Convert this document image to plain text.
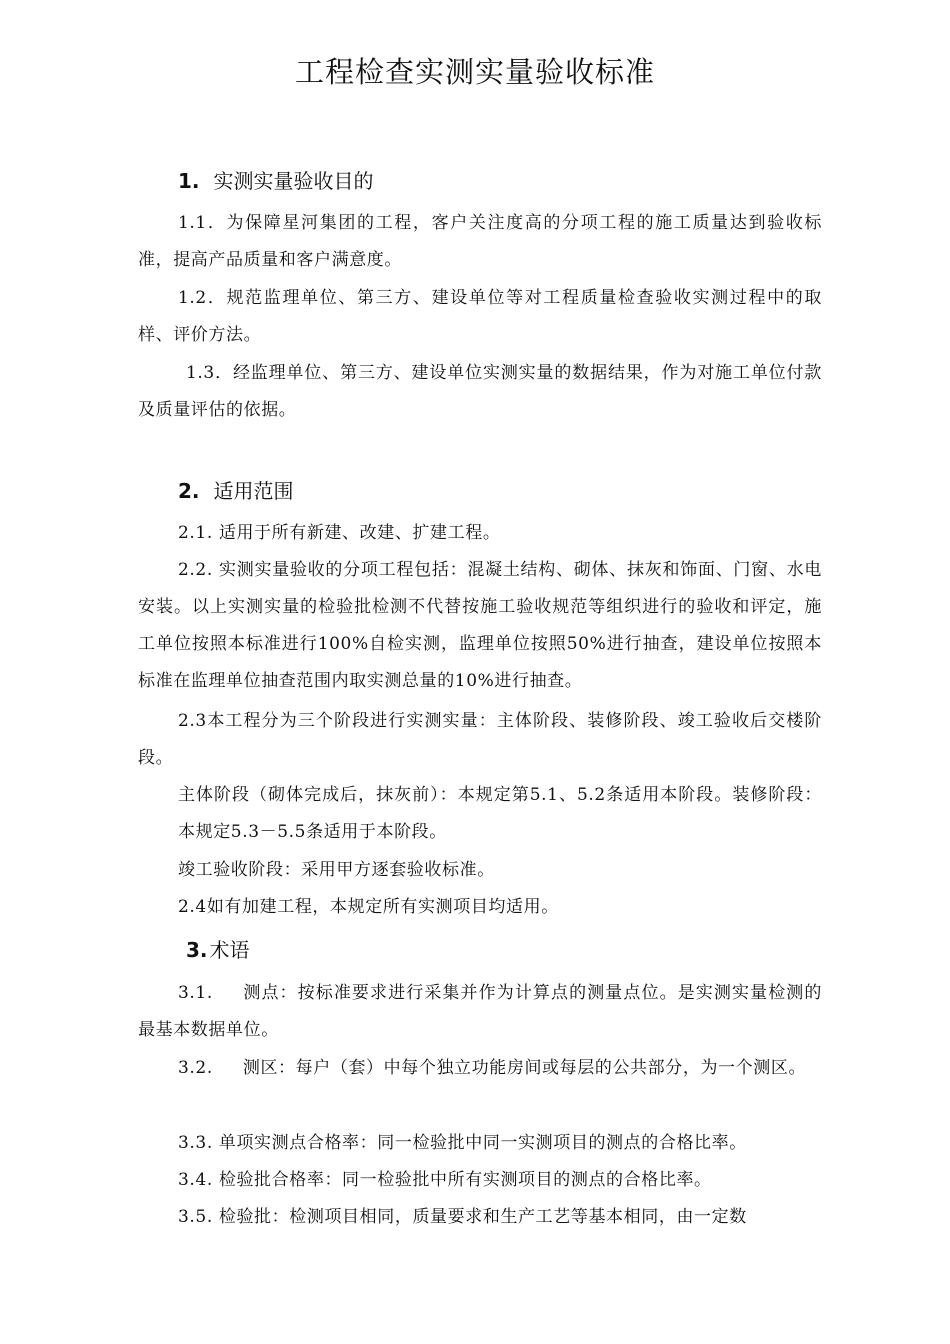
工程检查实测实量验收标准
1. 实测实量验收目的
1.1．为保障星河集团的工程，客户关注度高的分项工程的施工质量达到验收标准，提高产品质量和客户满意度。
1.2．规范监理单位、第三方、建设单位等对工程质量检查验收实测过程中的取样、评价方法。
1.3．经监理单位、第三方、建设单位实测实量的数据结果，作为对施工单位付款及质量评估的依据。
2. 适用范围
2.1. 适用于所有新建、改建、扩建工程。
2.2. 实测实量验收的分项工程包括：混凝土结构、砌体、抹灰和饰面、门窗、水电安装。以上实测实量的检验批检测不代替按施工验收规范等组织进行的验收和评定，施工单位按照本标准进行100%自检实测，监理单位按照50%进行抽查，建设单位按照本标准在监理单位抽查范围内取实测总量的10%进行抽查。
2.3本工程分为三个阶段进行实测实量：主体阶段、装修阶段、竣工验收后交楼阶段。
主体阶段（砌体完成后，抹灰前）：本规定第5.1、5.2条适用本阶段。装修阶段：本规定5.3－5.5条适用于本阶段。
竣工验收阶段：采用甲方逐套验收标准。
2.4如有加建工程，本规定所有实测项目均适用。
3. 术语
3.1. 测点：按标准要求进行采集并作为计算点的测量点位。是实测实量检测的最基本数据单位。
3.2. 测区：每户（套）中每个独立功能房间或每层的公共部分，为一个测区。
3.3. 单项实测点合格率：同一检验批中同一实测项目的测点的合格比率。
3.4. 检验批合格率：同一检验批中所有实测项目的测点的合格比率。
3.5. 检验批：检测项目相同，质量要求和生产工艺等基本相同，由一定数
